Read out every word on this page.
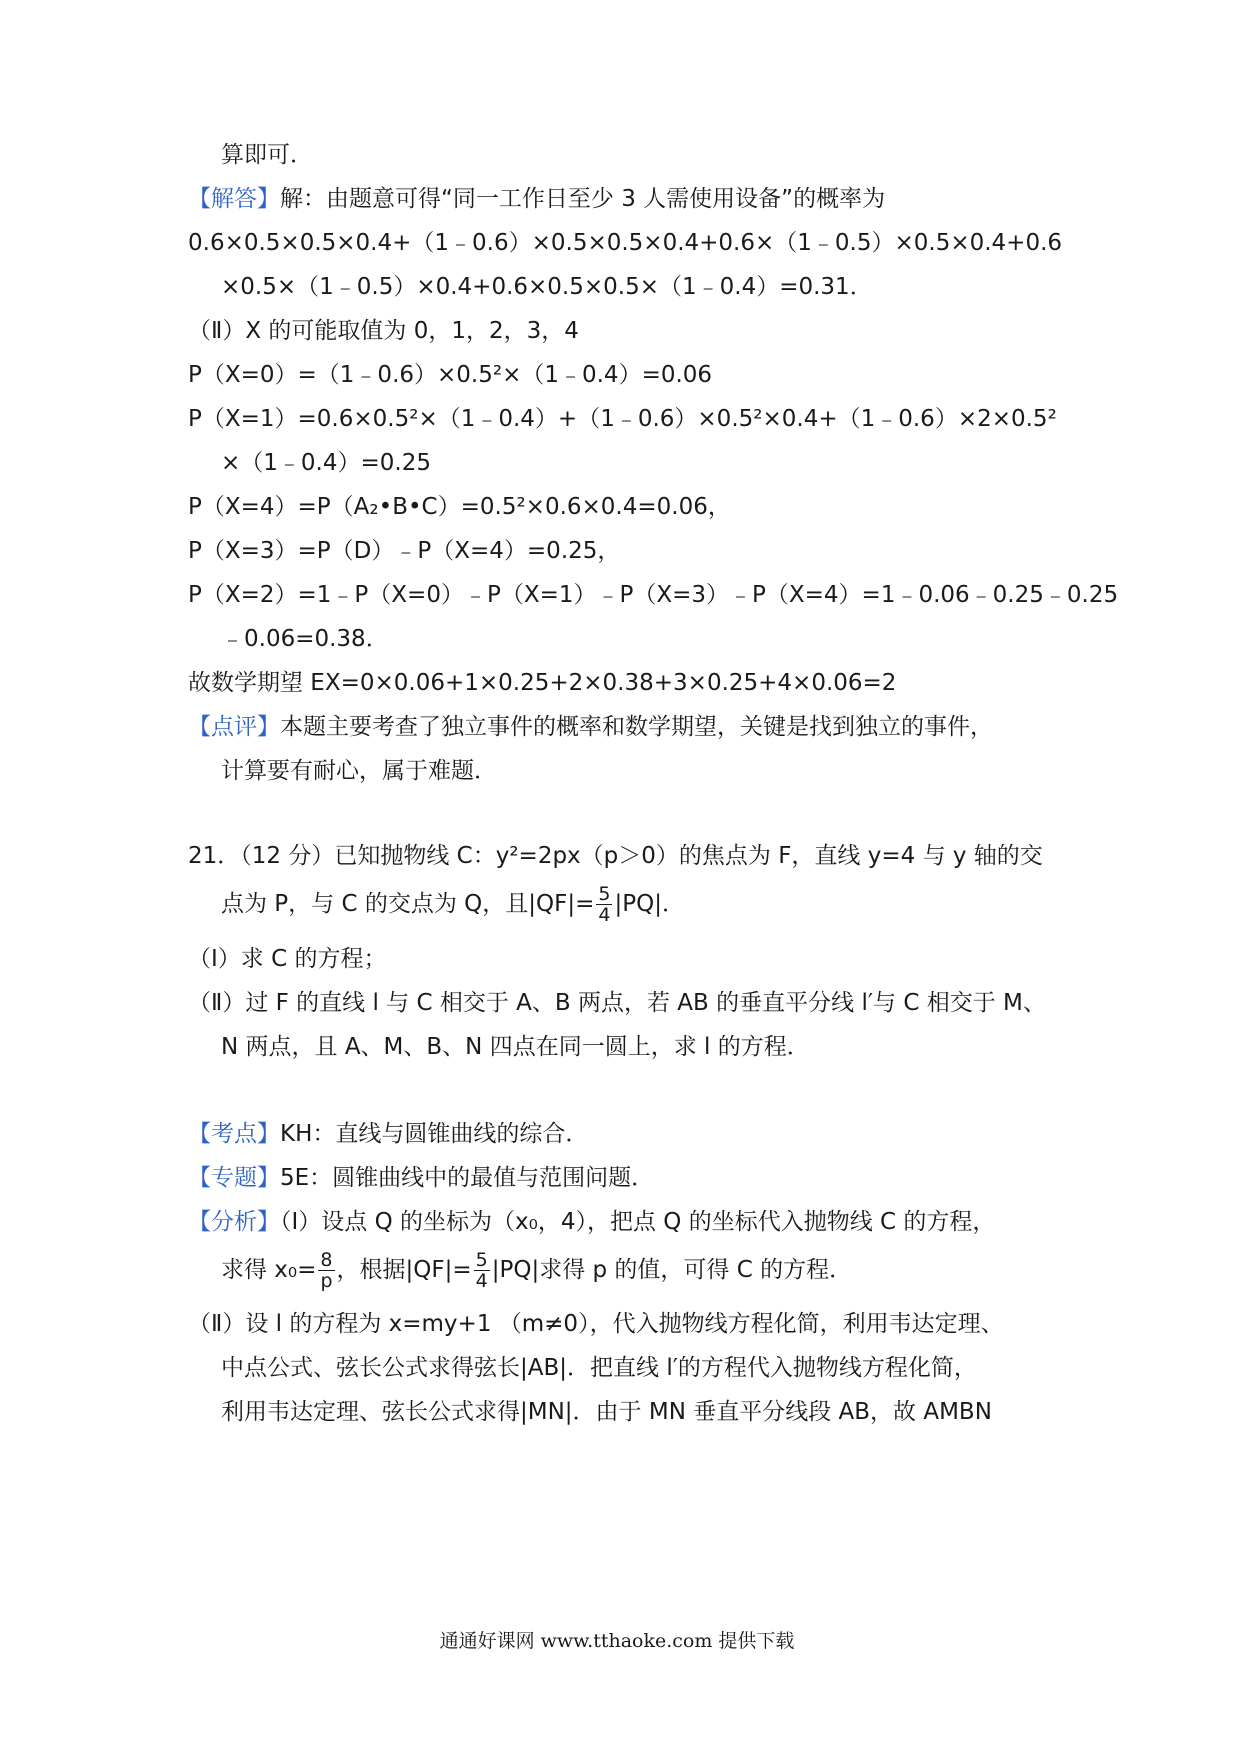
算即可．
【解答】解：由题意可得“同一工作日至少 3 人需使用设备”的概率为
0.6×0.5×0.5×0.4+（1﹣0.6）×0.5×0.5×0.4+0.6×（1﹣0.5）×0.5×0.4+0.6
×0.5×（1﹣0.5）×0.4+0.6×0.5×0.5×（1﹣0.4）=0.31．
（Ⅱ）X 的可能取值为 0，1，2，3，4
P（X=0）=（1﹣0.6）×0.5²×（1﹣0.4）=0.06
P（X=1）=0.6×0.5²×（1﹣0.4）+（1﹣0.6）×0.5²×0.4+（1﹣0.6）×2×0.5²
×（1﹣0.4）=0.25
P（X=4）=P（A₂•B•C）=0.5²×0.6×0.4=0.06，
P（X=3）=P（D）﹣P（X=4）=0.25，
P（X=2）=1﹣P（X=0）﹣P（X=1）﹣P（X=3）﹣P（X=4）=1﹣0.06﹣0.25﹣0.25
﹣0.06=0.38．
故数学期望 EX=0×0.06+1×0.25+2×0.38+3×0.25+4×0.06=2
【点评】本题主要考查了独立事件的概率和数学期望，关键是找到独立的事件，
计算要有耐心，属于难题．
21．（12 分）已知抛物线 C：y²=2px（p＞0）的焦点为 F，直线 y=4 与 y 轴的交
点为 P，与 C 的交点为 Q，且$|QF|= \frac{5}{4} |PQ|$．
（Ⅰ）求 C 的方程；
（Ⅱ）过 F 的直线 l 与 C 相交于 A、B 两点，若 AB 的垂直平分线 l′与 C 相交于 M、
N 两点，且 A、M、B、N 四点在同一圆上，求 l 的方程．
【考点】KH：直线与圆锥曲线的综合．
【专题】5E：圆锥曲线中的最值与范围问题．
【分析】（Ⅰ）设点 Q 的坐标为（x₀，4），把点 Q 的坐标代入抛物线 C 的方程，
求得 $x_0= \frac{8}{p}$ ，根据$|QF|= \frac{5}{4} |PQ|$求得 p 的值，可得 C 的方程．
（Ⅱ）设 l 的方程为 x=my+1 （m≠0），代入抛物线方程化简，利用韦达定理、
中点公式、弦长公式求得弦长|AB|．把直线 l′的方程代入抛物线方程化简，
利用韦达定理、弦长公式求得|MN|．由于 MN 垂直平分线段 AB，故 AMBN
通通好课网 www.tthaoke.com 提供下载
